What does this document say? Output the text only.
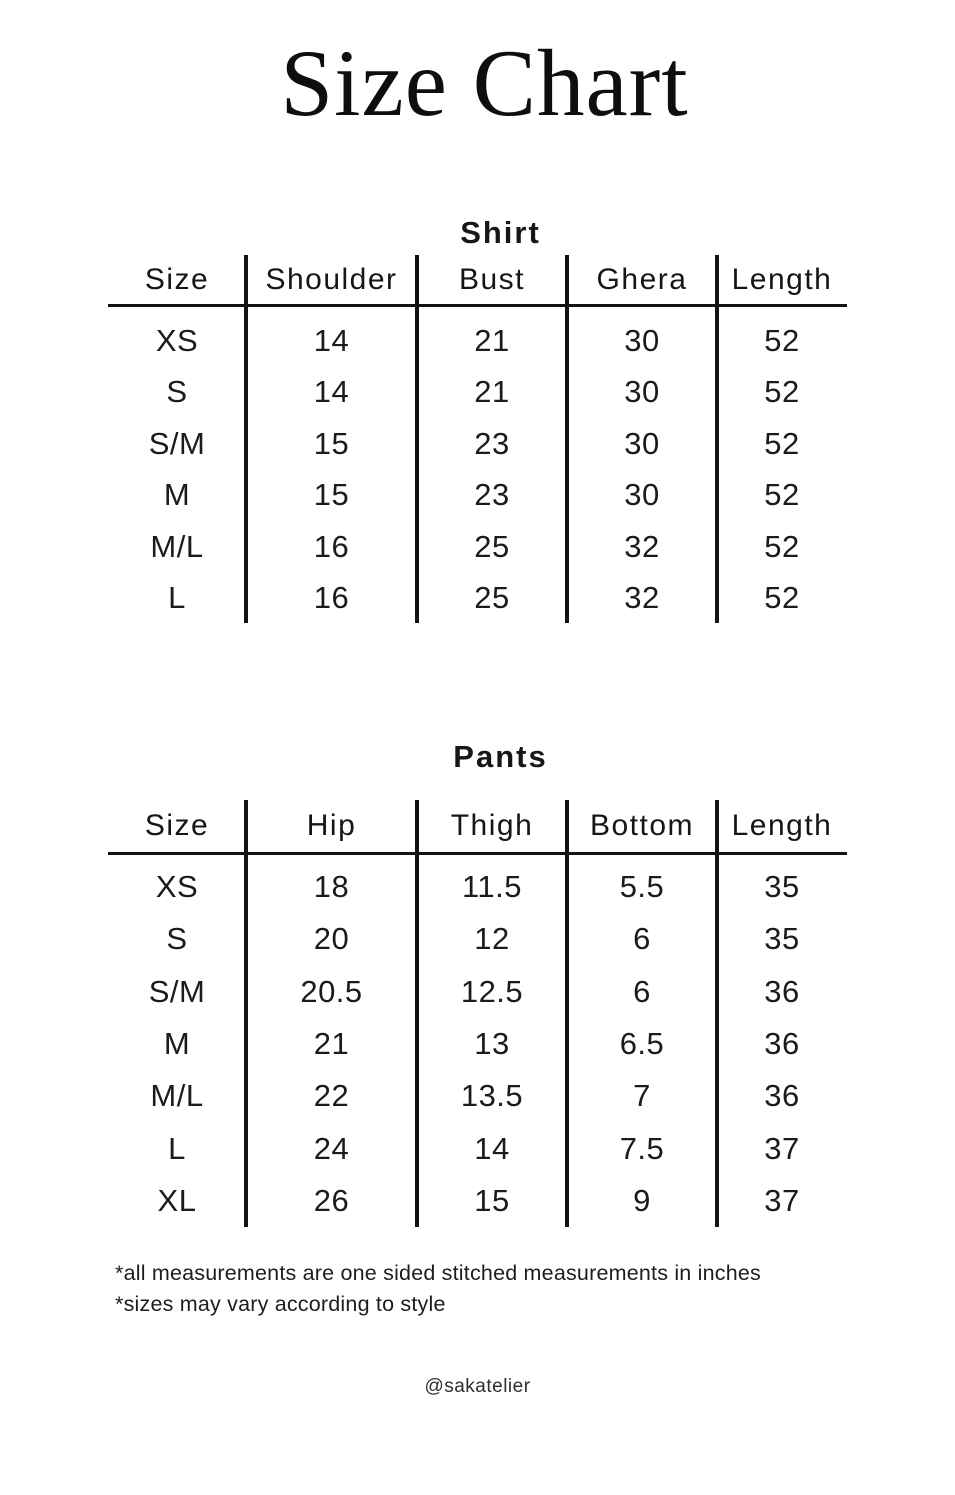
Size Chart
Shirt
Size	Shoulder	Bust	Ghera	Length
XS	14	21	30	52
S	14	21	30	52
S/M	15	23	30	52
M	15	23	30	52
M/L	16	25	32	52
L	16	25	32	52
Pants
Size	Hip	Thigh	Bottom	Length
XS	18	11.5	5.5	35
S	20	12	6	35
S/M	20.5	12.5	6	36
M	21	13	6.5	36
M/L	22	13.5	7	36
L	24	14	7.5	37
XL	26	15	9	37
*all measurements are one sided stitched measurements in inches
*sizes may vary according to style
@sakatelier
